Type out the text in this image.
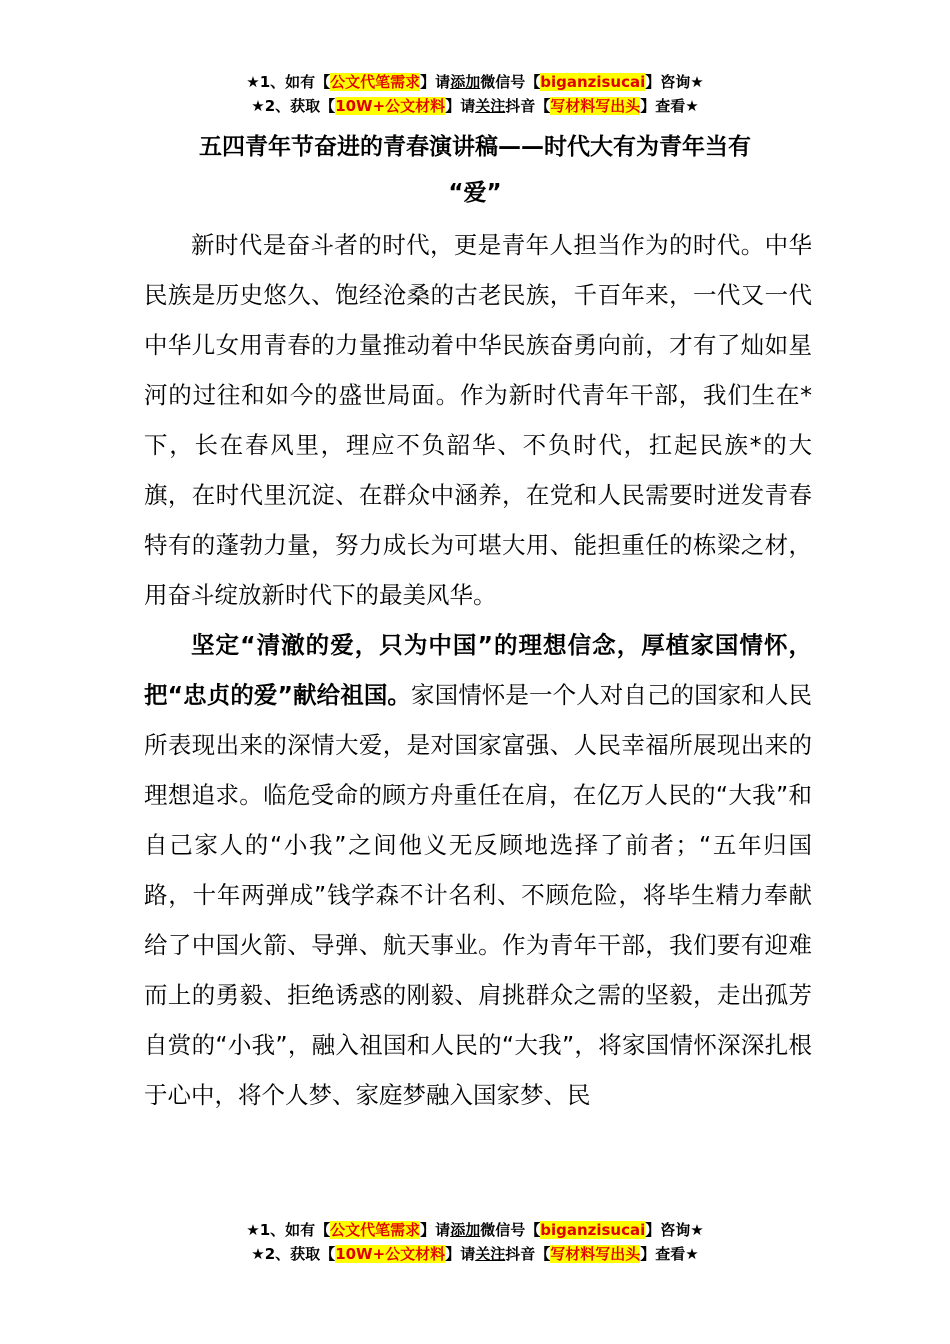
★1、如有【公文代笔需求】请添加微信号【biganzisucai】咨询★
★2、获取【10W+公文材料】请关注抖音【写材料写出头】查看★
五四青年节奋进的青春演讲稿——时代大有为青年当有
“爱”

新时代是奋斗者的时代，更是青年人担当作为的时代。中华民族是历史悠久、饱经沧桑的古老民族，千百年来，一代又一代中华儿女用青春的力量推动着中华民族奋勇向前，才有了灿如星河的过往和如今的盛世局面。作为新时代青年干部，我们生在*下，长在春风里，理应不负韶华、不负时代，扛起民族*的大旗，在时代里沉淀、在群众中涵养，在党和人民需要时迸发青春特有的蓬勃力量，努力成长为可堪大用、能担重任的栋梁之材，用奋斗绽放新时代下的最美风华。

坚定“清澈的爱，只为中国”的理想信念，厚植家国情怀，把“忠贞的爱”献给祖国。家国情怀是一个人对自己的国家和人民所表现出来的深情大爱，是对国家富强、人民幸福所展现出来的理想追求。临危受命的顾方舟重任在肩，在亿万人民的“大我”和自己家人的“小我”之间他义无反顾地选择了前者；“五年归国路，十年两弹成”钱学森不计名利、不顾危险，将毕生精力奉献给了中国火箭、导弹、航天事业。作为青年干部，我们要有迎难而上的勇毅、拒绝诱惑的刚毅、肩挑群众之需的坚毅，走出孤芳自赏的“小我”，融入祖国和人民的“大我”，将家国情怀深深扎根于心中，将个人梦、家庭梦融入国家梦、民

★1、如有【公文代笔需求】请添加微信号【biganzisucai】咨询★
★2、获取【10W+公文材料】请关注抖音【写材料写出头】查看★
